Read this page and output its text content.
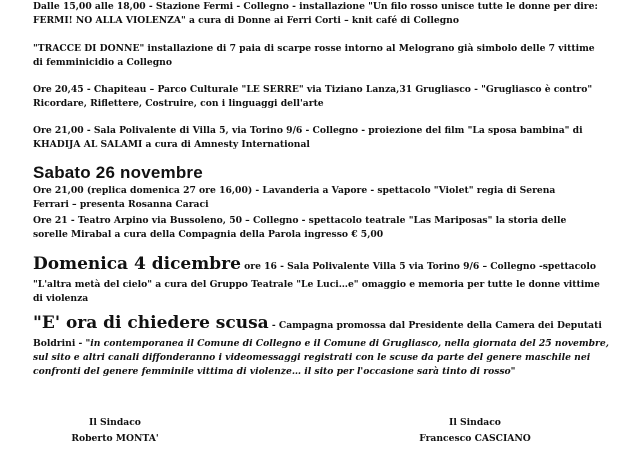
Dalle 15,00 alle 18,00 - Stazione Fermi - Collegno - installazione "Un filo rosso unisce tutte le donne per dire:
FERMI! NO ALLA VIOLENZA" a cura di Donne ai Ferri Corti – knit café di Collegno
"TRACCE DI DONNE" installazione di 7 paia di scarpe rosse intorno al Melograno già simbolo delle 7 vittime
di femminicidio a Collegno
Ore 20,45 - Chapiteau – Parco Culturale "LE SERRE" via Tiziano Lanza,31 Grugliasco - "Grugliasco è contro"
Ricordare, Riflettere, Costruire, con i linguaggi dell'arte
Ore 21,00 - Sala Polivalente di Villa 5, via Torino 9/6 - Collegno - proiezione del film "La sposa bambina" di
KHADIJA AL SALAMI a cura di Amnesty International
Sabato 26 novembre
Ore 21,00 (replica domenica 27 ore 16,00) - Lavanderia a Vapore - spettacolo "Violet" regia di Serena
Ferrari – presenta Rosanna Caraci
Ore 21 - Teatro Arpino via Bussoleno, 50 – Collegno - spettacolo teatrale "Las Mariposas" la storia delle
sorelle Mirabal a cura della Compagnia della Parola ingresso € 5,00
Domenica 4 dicembre ore 16 - Sala Polivalente Villa 5 via Torino 9/6 – Collegno -spettacolo
"L'altra metà del cielo" a cura del Gruppo Teatrale "Le Luci…e" omaggio e memoria per tutte le donne vittime
di violenza
"E' ora di chiedere scusa - Campagna promossa dal Presidente della Camera dei Deputati
Boldrini - "in contemporanea il Comune di Collegno e il Comune di Grugliasco, nella giornata del 25 novembre,
sul sito e altri canali diffonderanno i videomessaggi registrati con le scuse da parte del genere maschile nei
confronti del genere femminile vittima di violenze… il sito per l'occasione sarà tinto di rosso"
Il Sindaco
Roberto MONTA'
Il Sindaco
Francesco CASCIANO
